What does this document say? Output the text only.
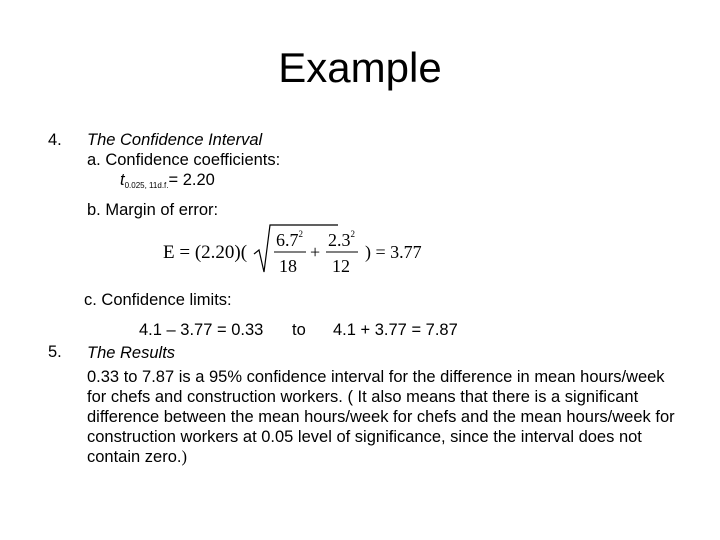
Example
4. The Confidence Interval
a. Confidence coefficients:
t0.025, 11d.f.= 2.20
b. Margin of error:
E = (2.20)(
$6.7^2$
18
+
$2.3^2$
12
) = 3.77
c. Confidence limits:
4.1 – 3.77 = 0.33 to 4.1 + 3.77 = 7.87
5. The Results
0.33 to 7.87 is a 95% confidence interval for the difference in mean hours/week for chefs and construction workers. ( It also means that there is a significant difference between the mean hours/week for chefs and the mean hours/week for construction workers at 0.05 level of significance, since the interval does not contain zero.)
